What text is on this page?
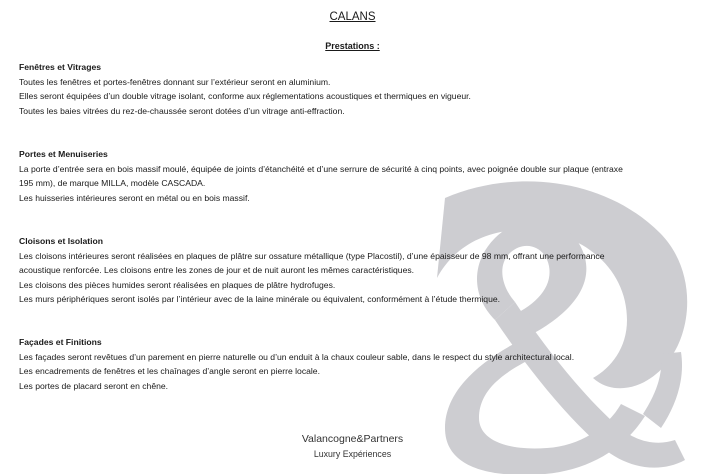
CALANS
Prestations :
Fenêtres et Vitrages
Toutes les fenêtres et portes-fenêtres donnant sur l’extérieur seront en aluminium.
Elles seront équipées d’un double vitrage isolant, conforme aux réglementations acoustiques et thermiques en vigueur.
Toutes les baies vitrées du rez-de-chaussée seront dotées d’un vitrage anti-effraction.
Portes et Menuiseries
La porte d’entrée sera en bois massif moulé, équipée de joints d’étanchéité et d’une serrure de sécurité à cinq points, avec poignée double sur plaque (entraxe
195 mm), de marque MILLA, modèle CASCADA.
Les huisseries intérieures seront en métal ou en bois massif.
Cloisons et Isolation
Les cloisons intérieures seront réalisées en plaques de plâtre sur ossature métallique (type Placostil), d’une épaisseur de 98 mm, offrant une performance
acoustique renforcée. Les cloisons entre les zones de jour et de nuit auront les mêmes caractéristiques.
Les cloisons des pièces humides seront réalisées en plaques de plâtre hydrofuges.
Les murs périphériques seront isolés par l’intérieur avec de la laine minérale ou équivalent, conformément à l’étude thermique.
Façades et Finitions
Les façades seront revêtues d’un parement en pierre naturelle ou d’un enduit à la chaux couleur sable, dans le respect du style architectural local.
Les encadrements de fenêtres et les chaînages d’angle seront en pierre locale.
Les portes de placard seront en chêne.
Valancogne&Partners
Luxury Expériences
